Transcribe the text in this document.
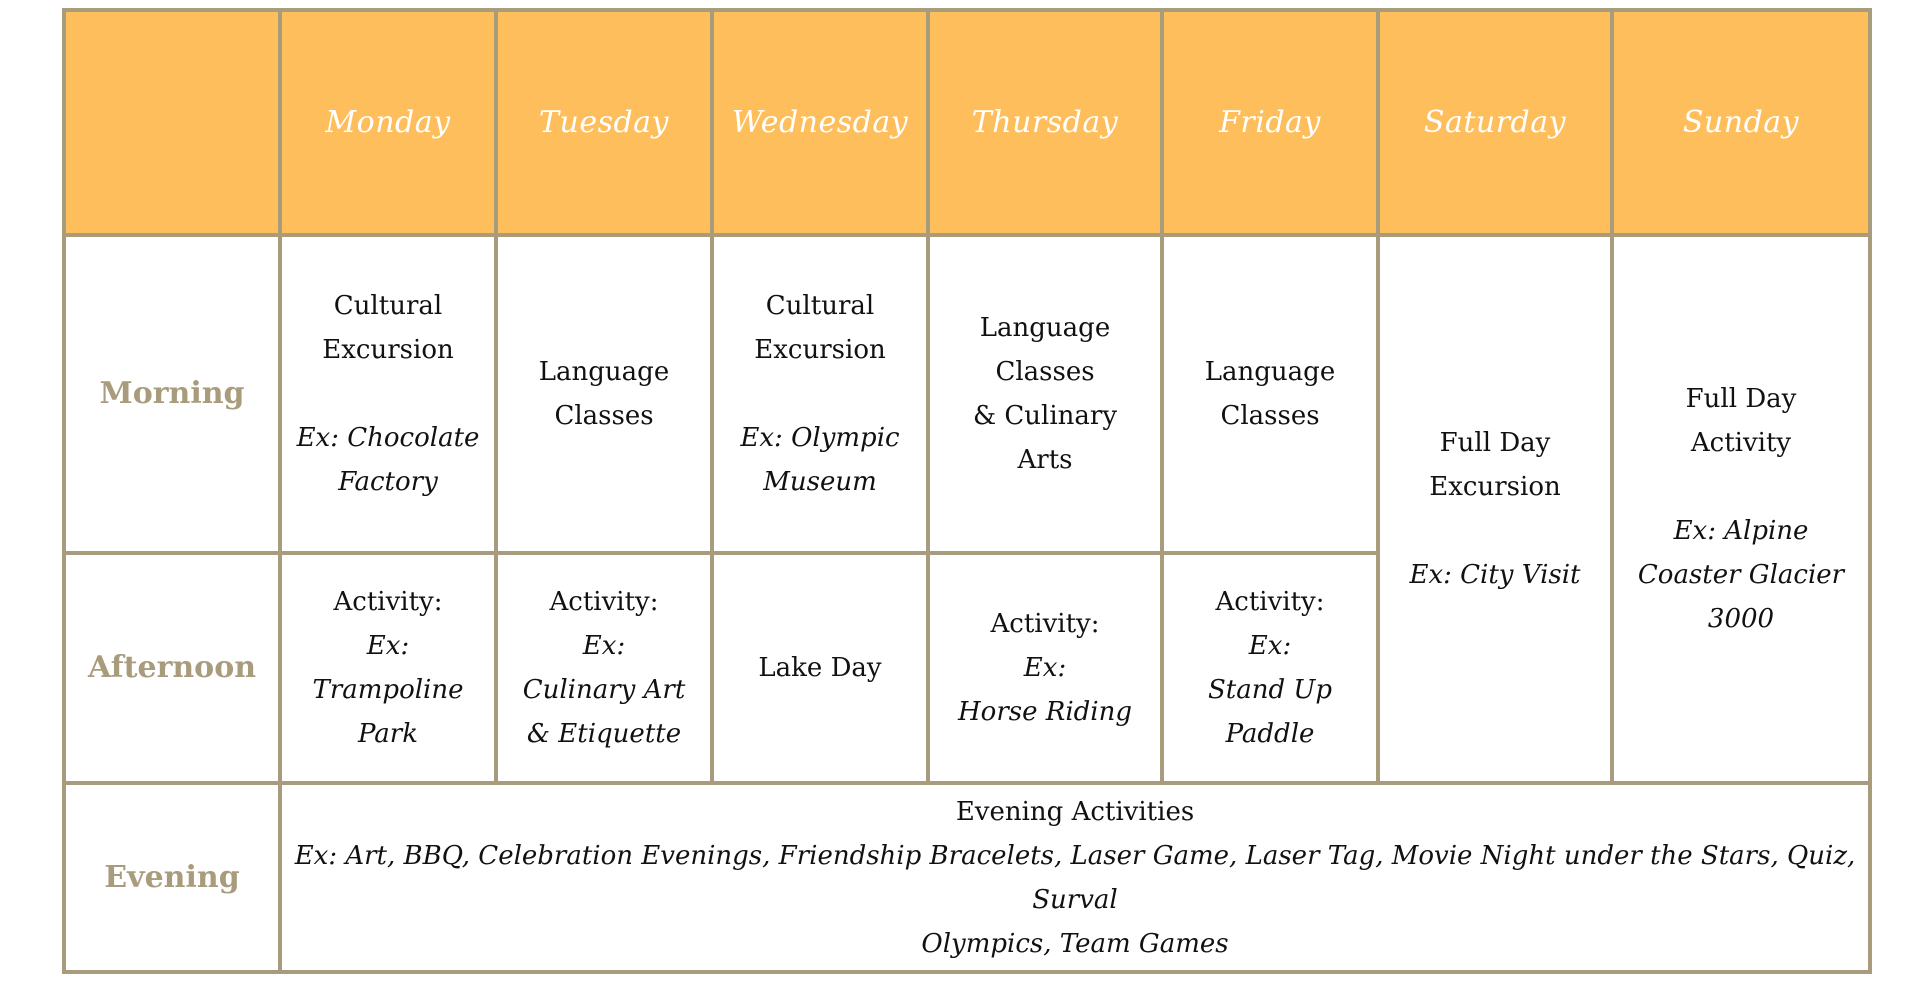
	Monday	Tuesday	Wednesday	Thursday	Friday	Saturday	Sunday
Morning	Cultural
Excursion
Ex: Chocolate
Factory	Language
Classes	Cultural
Excursion
Ex: Olympic
Museum	Language
Classes
& Culinary
Arts	Language
Classes	Full Day
Excursion
Ex: City Visit	Full Day
Activity
Ex: Alpine
Coaster Glacier
3000

Afternoon	Activity:
Ex:
Trampoline
Park	Activity:
Ex:
Culinary Art
& Etiquette	Lake Day	Activity:
Ex:
Horse Riding	Activity:
Ex:
Stand Up
Paddle		

Evening	Evening Activities
Ex: Art, BBQ, Celebration Evenings, Friendship Bracelets, Laser Game, Laser Tag, Movie Night under the Stars, Quiz, Surval
Olympics, Team Games						
